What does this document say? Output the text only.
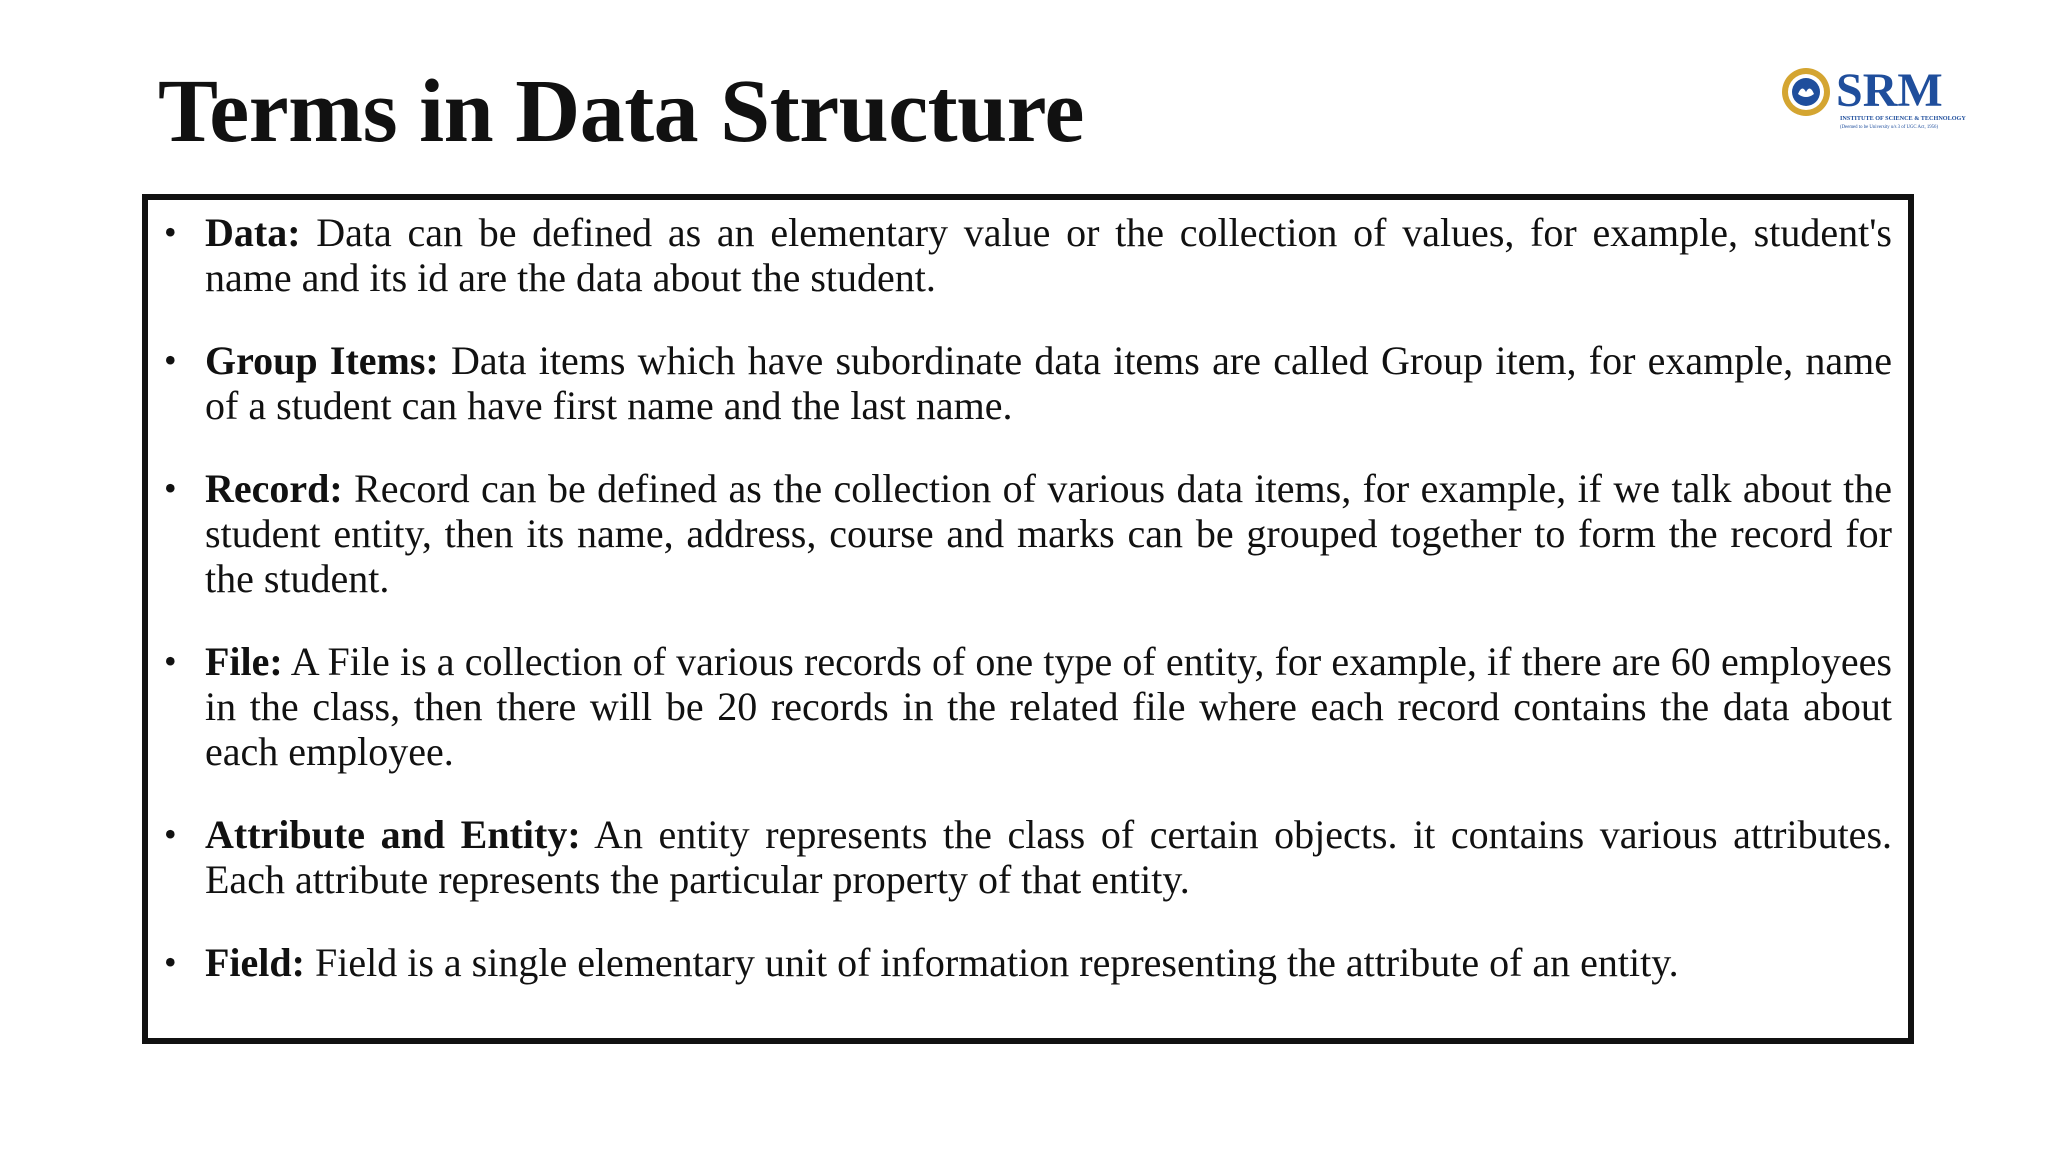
Terms in Data Structure	SRM
INSTITUTE OF SCIENCE & TECHNOLOGY
(Deemed to be University u/s 3 of UGC Act, 1956)
• Data: Data can be defined as an elementary value or the collection of values, for example, student's name and its id are the data about the student.
• Group Items: Data items which have subordinate data items are called Group item, for example, name of a student can have first name and the last name.
• Record: Record can be defined as the collection of various data items, for example, if we talk about the student entity, then its name, address, course and marks can be grouped together to form the record for the student.
• File: A File is a collection of various records of one type of entity, for example, if there are 60 employees in the class, then there will be 20 records in the related file where each record contains the data about each employee.
• Attribute and Entity: An entity represents the class of certain objects. it contains various attributes. Each attribute represents the particular property of that entity.
• Field: Field is a single elementary unit of information representing the attribute of an entity.
